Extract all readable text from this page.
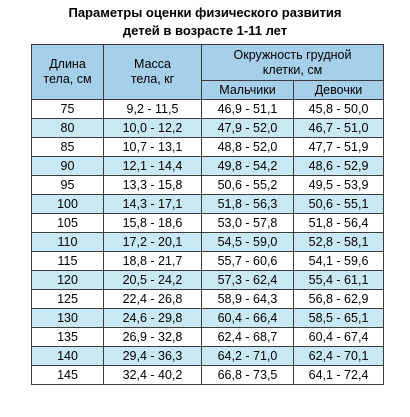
Параметры оценки физического развития
детей в возрасте 1-11 лет
Длина тела, см	Масса тела, кг	Окружность грудной клетки, см	

		Мальчики	Девочки
75	9,2 - 11,5	46,9 - 51,1	45,8 - 50,0
80	10,0 - 12,2	47,9 - 52,0	46,7 - 51,0
85	10,7 - 13,1	48,8 - 52,0	47,7 - 51,9
90	12,1 - 14,4	49,8 - 54,2	48,6 - 52,9
95	13,3 - 15,8	50,6 - 55,2	49,5 - 53,9
100	14,3 - 17,1	51,8 - 56,3	50,6 - 55,1
105	15,8 - 18,6	53,0 - 57,8	51,8 - 56,4
110	17,2 - 20,1	54,5 - 59,0	52,8 - 58,1
115	18,8 - 21,7	55,7 - 60,6	54,1 - 59,6
120	20,5 - 24,2	57,3 - 62,4	55,4 - 61,1
125	22,4 - 26,8	58,9 - 64,3	56,8 - 62,9
130	24,6 - 29,8	60,4 - 66,4	58,5 - 65,1
135	26,9 - 32,8	62,4 - 68,7	60,4 - 67,4
140	29,4 - 36,3	64,2 - 71,0	62,4 - 70,1
145	32,4 - 40,2	66,8 - 73,5	64,1 - 72,4
